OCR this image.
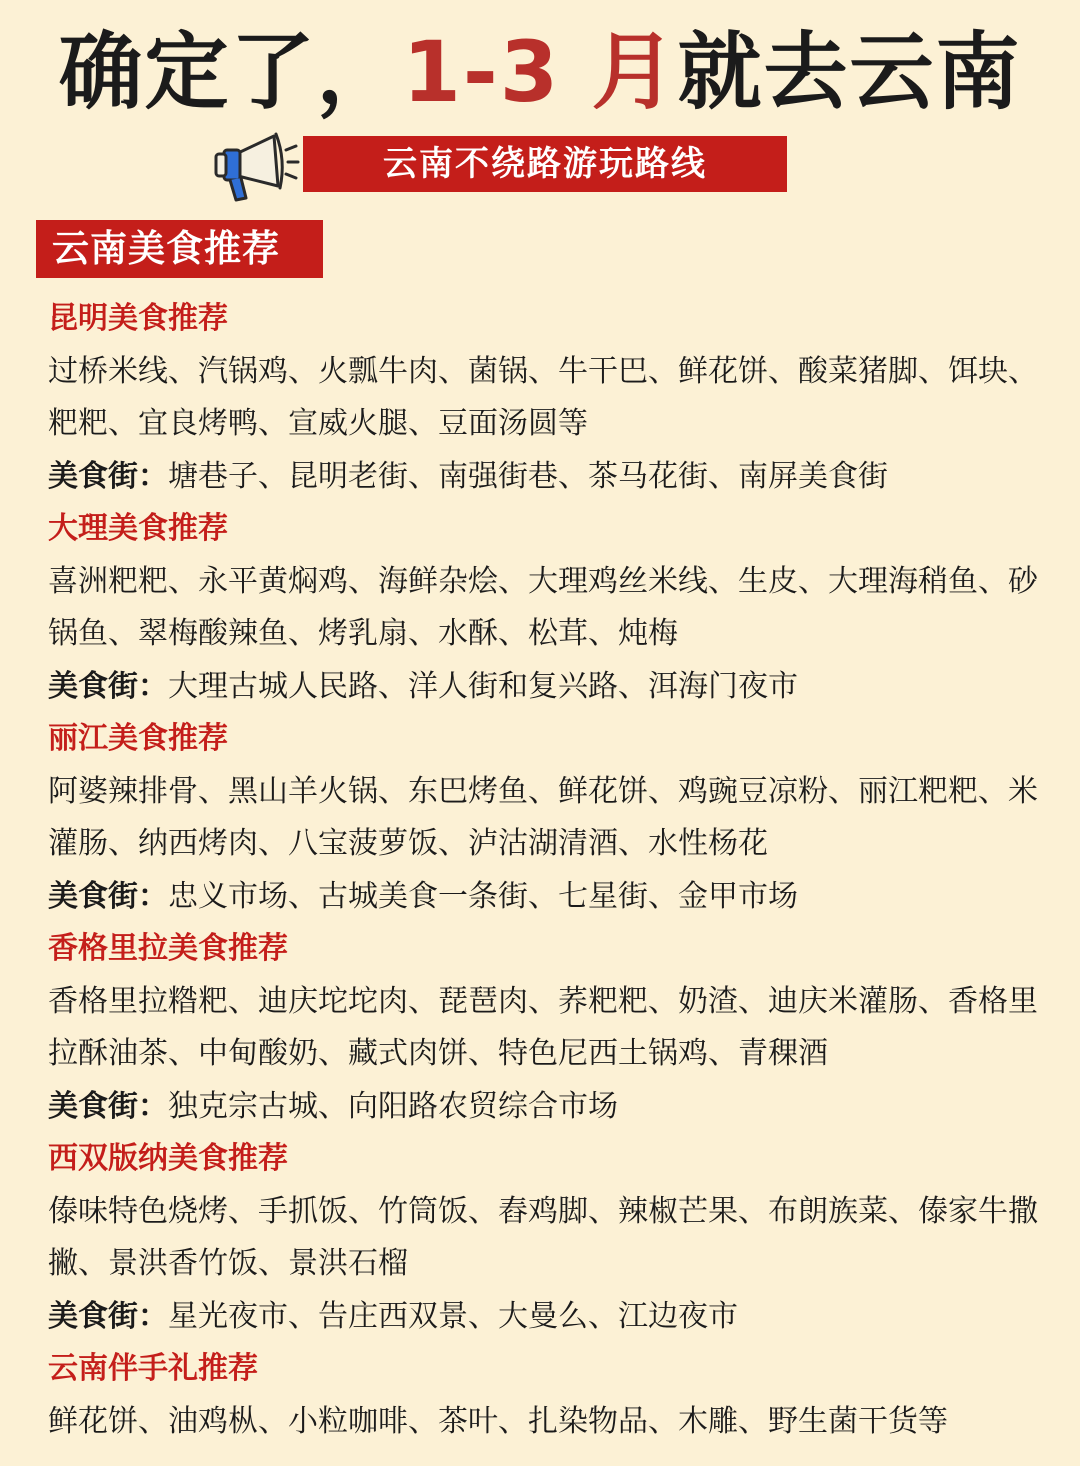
确定了，1-3 月就去云南
云南不绕路游玩路线
云南美食推荐
昆明美食推荐
过桥米线、汽锅鸡、火瓢牛肉、菌锅、牛干巴、鲜花饼、酸菜猪脚、饵块、粑粑、宜良烤鸭、宣威火腿、豆面汤圆等
美食街：塘巷子、昆明老街、南强街巷、茶马花街、南屏美食街
大理美食推荐
喜洲粑粑、永平黄焖鸡、海鲜杂烩、大理鸡丝米线、生皮、大理海稍鱼、砂锅鱼、翠梅酸辣鱼、烤乳扇、水酥、松茸、炖梅
美食街：大理古城人民路、洋人街和复兴路、洱海门夜市
丽江美食推荐
阿婆辣排骨、黑山羊火锅、东巴烤鱼、鲜花饼、鸡豌豆凉粉、丽江粑粑、米灌肠、纳西烤肉、八宝菠萝饭、泸沽湖清酒、水性杨花
美食街：忠义市场、古城美食一条街、七星街、金甲市场
香格里拉美食推荐
香格里拉糌粑、迪庆坨坨肉、琵琶肉、荞粑粑、奶渣、迪庆米灌肠、香格里拉酥油茶、中甸酸奶、藏式肉饼、特色尼西土锅鸡、青稞酒
美食街：独克宗古城、向阳路农贸综合市场
西双版纳美食推荐
傣味特色烧烤、手抓饭、竹筒饭、舂鸡脚、辣椒芒果、布朗族菜、傣家牛撒撇、景洪香竹饭、景洪石榴
美食街：星光夜市、告庄西双景、大曼么、江边夜市
云南伴手礼推荐
鲜花饼、油鸡枞、小粒咖啡、茶叶、扎染物品、木雕、野生菌干货等
